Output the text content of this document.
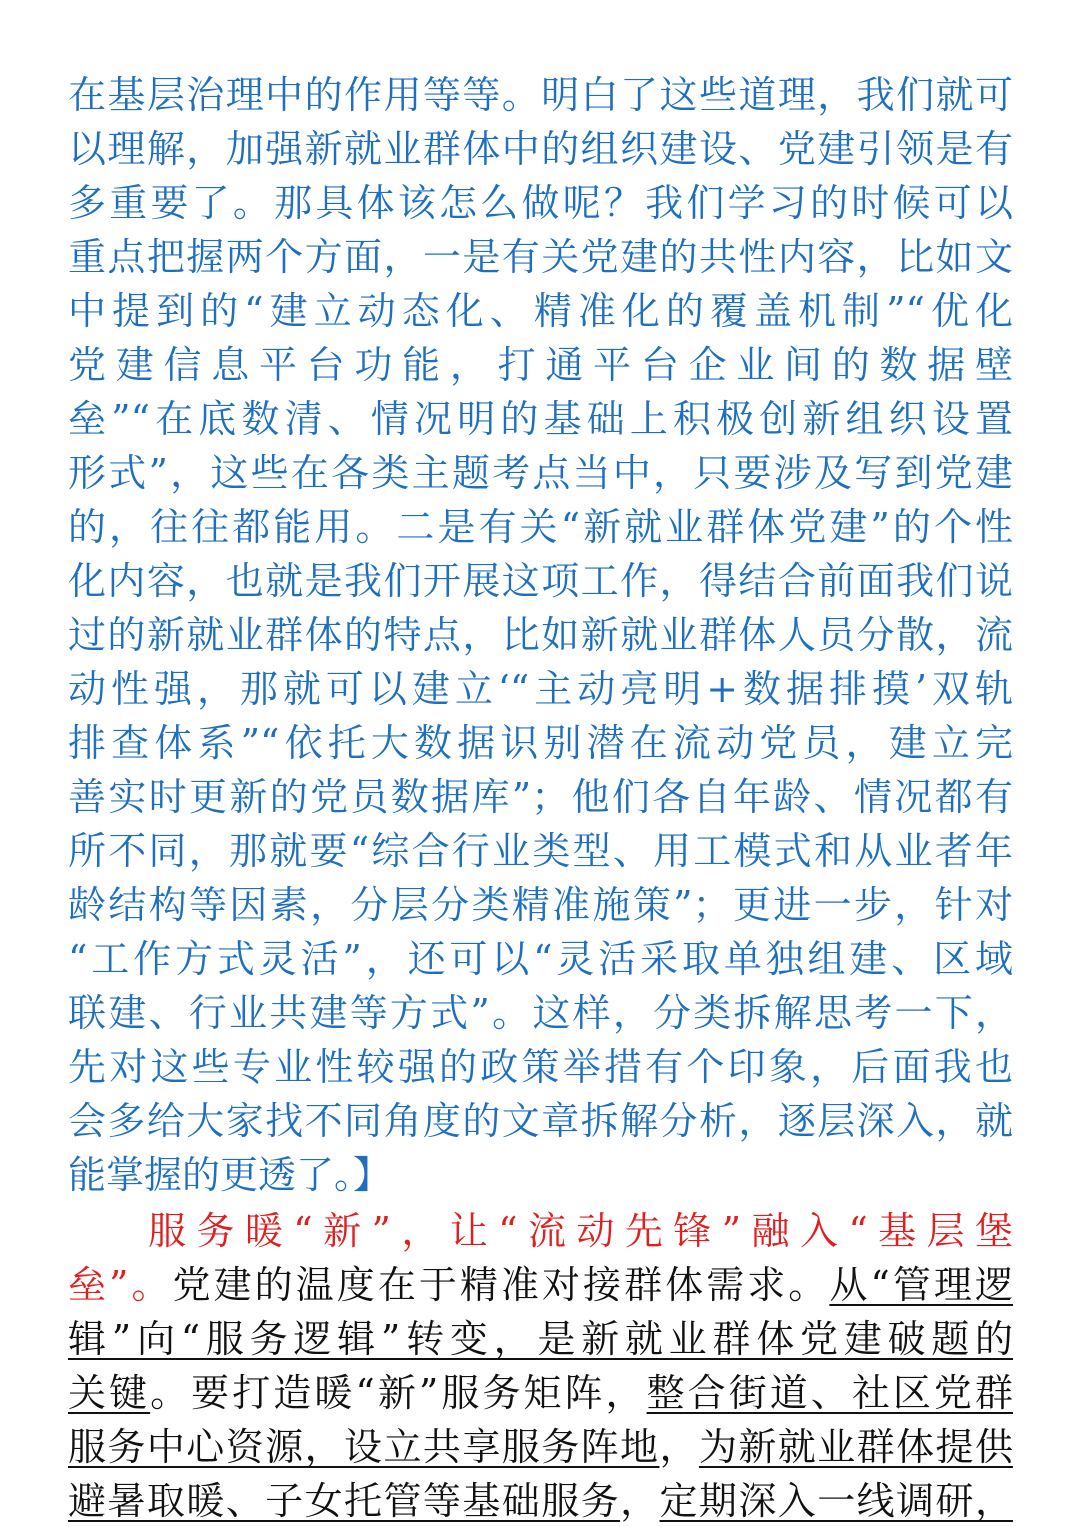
在基层治理中的作用等等。明白了这些道理，我们就可
以理解，加强新就业群体中的组织建设、党建引领是有
多重要了。那具体该怎么做呢？我们学习的时候可以
重点把握两个方面，一是有关党建的共性内容，比如文
中提到的“建立动态化、精准化的覆盖机制”“优化
党建信息平台功能，打通平台企业间的数据壁
垒”“在底数清、情况明的基础上积极创新组织设置
形式”，这些在各类主题考点当中，只要涉及写到党建
的，往往都能用。二是有关“新就业群体党建”的个性
化内容，也就是我们开展这项工作，得结合前面我们说
过的新就业群体的特点，比如新就业群体人员分散，流
动性强，那就可以建立‘“主动亮明+数据排摸’双轨
排查体系”“依托大数据识别潜在流动党员，建立完
善实时更新的党员数据库”；他们各自年龄、情况都有
所不同，那就要“综合行业类型、用工模式和从业者年
龄结构等因素，分层分类精准施策”；更进一步，针对
“工作方式灵活”，还可以“灵活采取单独组建、区域
联建、行业共建等方式”。这样，分类拆解思考一下，
先对这些专业性较强的政策举措有个印象，后面我也
会多给大家找不同角度的文章拆解分析，逐层深入，就
能掌握的更透了。】
服务暖“新”，让“流动先锋”融入“基层堡
垒”。党建的温度在于精准对接群体需求。从“管理逻
辑”向“服务逻辑”转变，是新就业群体党建破题的
关键。要打造暖“新”服务矩阵，整合街道、社区党群
服务中心资源，设立共享服务阵地，为新就业群体提供
避暑取暖、子女托管等基础服务，定期深入一线调研，
